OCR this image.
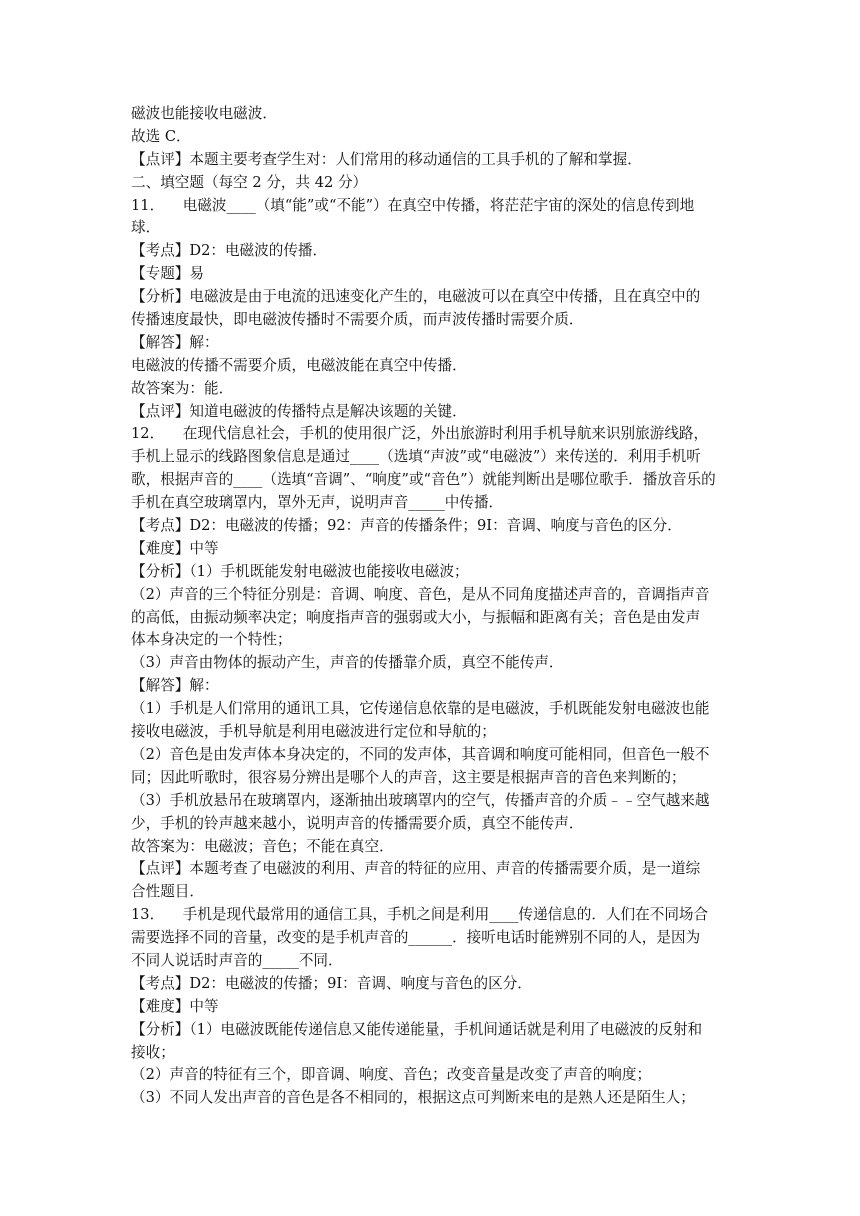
磁波也能接收电磁波．
故选 C．
【点评】本题主要考查学生对：人们常用的移动通信的工具手机的了解和掌握．
二、填空题（每空 2 分，共 42 分）
11．    电磁波____（填“能”或“不能”）在真空中传播，将茫茫宇宙的深处的信息传到地
球．
【考点】D2：电磁波的传播．
【专题】易
【分析】电磁波是由于电流的迅速变化产生的，电磁波可以在真空中传播，且在真空中的
传播速度最快，即电磁波传播时不需要介质，而声波传播时需要介质．
【解答】解：
电磁波的传播不需要介质，电磁波能在真空中传播．
故答案为：能．
【点评】知道电磁波的传播特点是解决该题的关键．
12．    在现代信息社会，手机的使用很广泛，外出旅游时利用手机导航来识别旅游线路，
手机上显示的线路图象信息是通过____（选填“声波”或“电磁波”）来传送的．利用手机听
歌，根据声音的____（选填“音调”、“响度”或“音色”）就能判断出是哪位歌手．播放音乐的
手机在真空玻璃罩内，罩外无声，说明声音_____中传播．
【考点】D2：电磁波的传播；92：声音的传播条件；9I：音调、响度与音色的区分．
【难度】中等
【分析】（1）手机既能发射电磁波也能接收电磁波；
（2）声音的三个特征分别是：音调、响度、音色，是从不同角度描述声音的，音调指声音
的高低，由振动频率决定；响度指声音的强弱或大小，与振幅和距离有关；音色是由发声
体本身决定的一个特性；
（3）声音由物体的振动产生，声音的传播靠介质，真空不能传声．
【解答】解：
（1）手机是人们常用的通讯工具，它传递信息依靠的是电磁波，手机既能发射电磁波也能
接收电磁波，手机导航是利用电磁波进行定位和导航的；
（2）音色是由发声体本身决定的，不同的发声体，其音调和响度可能相同，但音色一般不
同；因此听歌时，很容易分辨出是哪个人的声音，这主要是根据声音的音色来判断的；
（3）手机放悬吊在玻璃罩内，逐渐抽出玻璃罩内的空气，传播声音的介质﹣﹣空气越来越
少，手机的铃声越来越小，说明声音的传播需要介质，真空不能传声．
故答案为：电磁波；音色；不能在真空．
【点评】本题考查了电磁波的利用、声音的特征的应用、声音的传播需要介质，是一道综
合性题目．
13．    手机是现代最常用的通信工具，手机之间是利用____传递信息的．人们在不同场合
需要选择不同的音量，改变的是手机声音的______．接听电话时能辨别不同的人，是因为
不同人说话时声音的_____不同．
【考点】D2：电磁波的传播；9I：音调、响度与音色的区分．
【难度】中等
【分析】（1）电磁波既能传递信息又能传递能量，手机间通话就是利用了电磁波的反射和
接收；
（2）声音的特征有三个，即音调、响度、音色；改变音量是改变了声音的响度；
（3）不同人发出声音的音色是各不相同的，根据这点可判断来电的是熟人还是陌生人；
